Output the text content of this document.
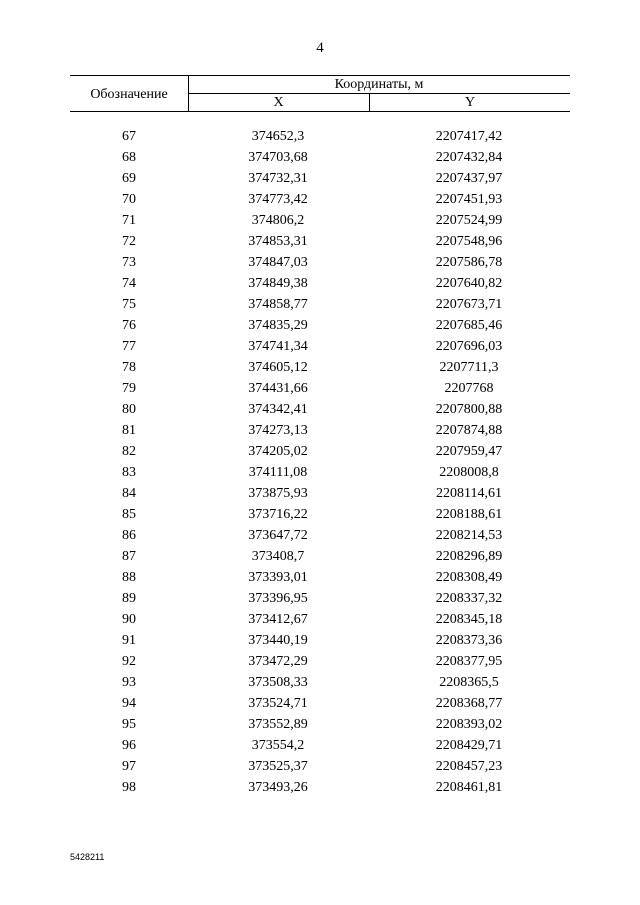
4
Обозначение
Координаты, м
X	Y
67	374652,3	2207417,42
68	374703,68	2207432,84
69	374732,31	2207437,97
70	374773,42	2207451,93
71	374806,2	2207524,99
72	374853,31	2207548,96
73	374847,03	2207586,78
74	374849,38	2207640,82
75	374858,77	2207673,71
76	374835,29	2207685,46
77	374741,34	2207696,03
78	374605,12	2207711,3
79	374431,66	2207768
80	374342,41	2207800,88
81	374273,13	2207874,88
82	374205,02	2207959,47
83	374111,08	2208008,8
84	373875,93	2208114,61
85	373716,22	2208188,61
86	373647,72	2208214,53
87	373408,7	2208296,89
88	373393,01	2208308,49
89	373396,95	2208337,32
90	373412,67	2208345,18
91	373440,19	2208373,36
92	373472,29	2208377,95
93	373508,33	2208365,5
94	373524,71	2208368,77
95	373552,89	2208393,02
96	373554,2	2208429,71
97	373525,37	2208457,23
98	373493,26	2208461,81
5428211
